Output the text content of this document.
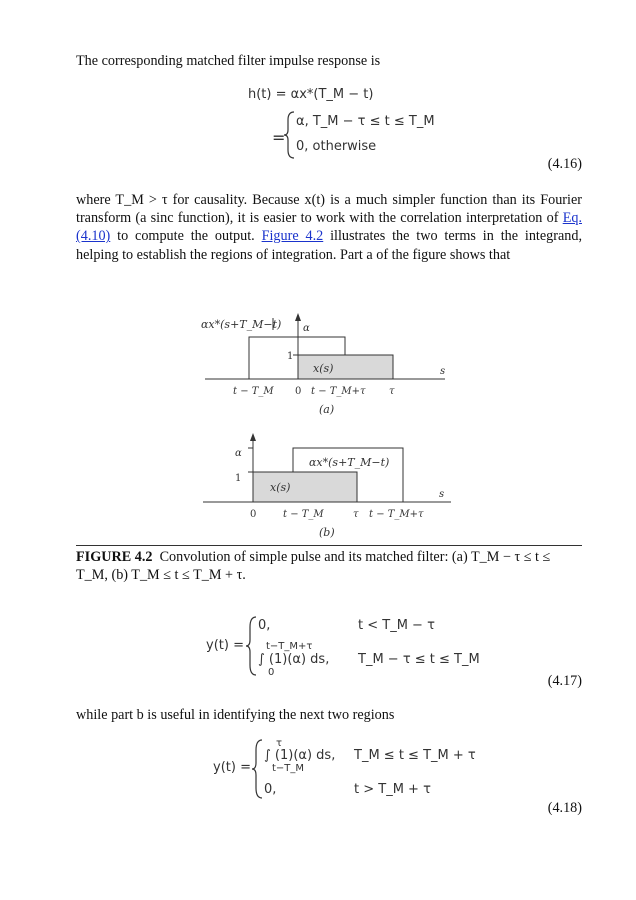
The corresponding matched filter impulse response is

h(t) = αx*(T_M − t)
=
α, T_M − τ ≤ t ≤ T_M
0, otherwise
(4.16)

where T_M > τ for causality. Because x(t) is a much simpler function than its Fourier transform (a sinc function), it is easier to work with the correlation interpretation of Eq. (4.10) to compute the output. Figure 4.2 illustrates the two terms in the integrand, helping to establish the regions of integration. Part a of the figure shows that

αx*(s+T_M−t) α
1
x(s)	s
t − T_M 0 t − T_M+τ τ
(a)
α
1
x(s)
αx*(s+T_M−t)
s
0	t − T_M	τ t − T_M+τ
(b)
FIGURE 4.2 Convolution of simple pulse and its matched filter: (a) T_M − τ ≤ t ≤ T_M, (b) T_M ≤ t ≤ T_M + τ.
y(t) =
0,	t < T_M − τ
t−T_M+τ
∫ (1)(α) ds,
0
T_M − τ ≤ t ≤ T_M
(4.17)

while part b is useful in identifying the next two regions

y(t) =
τ
∫ (1)(α) ds,
t−T_M
T_M ≤ t ≤ T_M + τ
0,	t > T_M + τ
(4.18)
